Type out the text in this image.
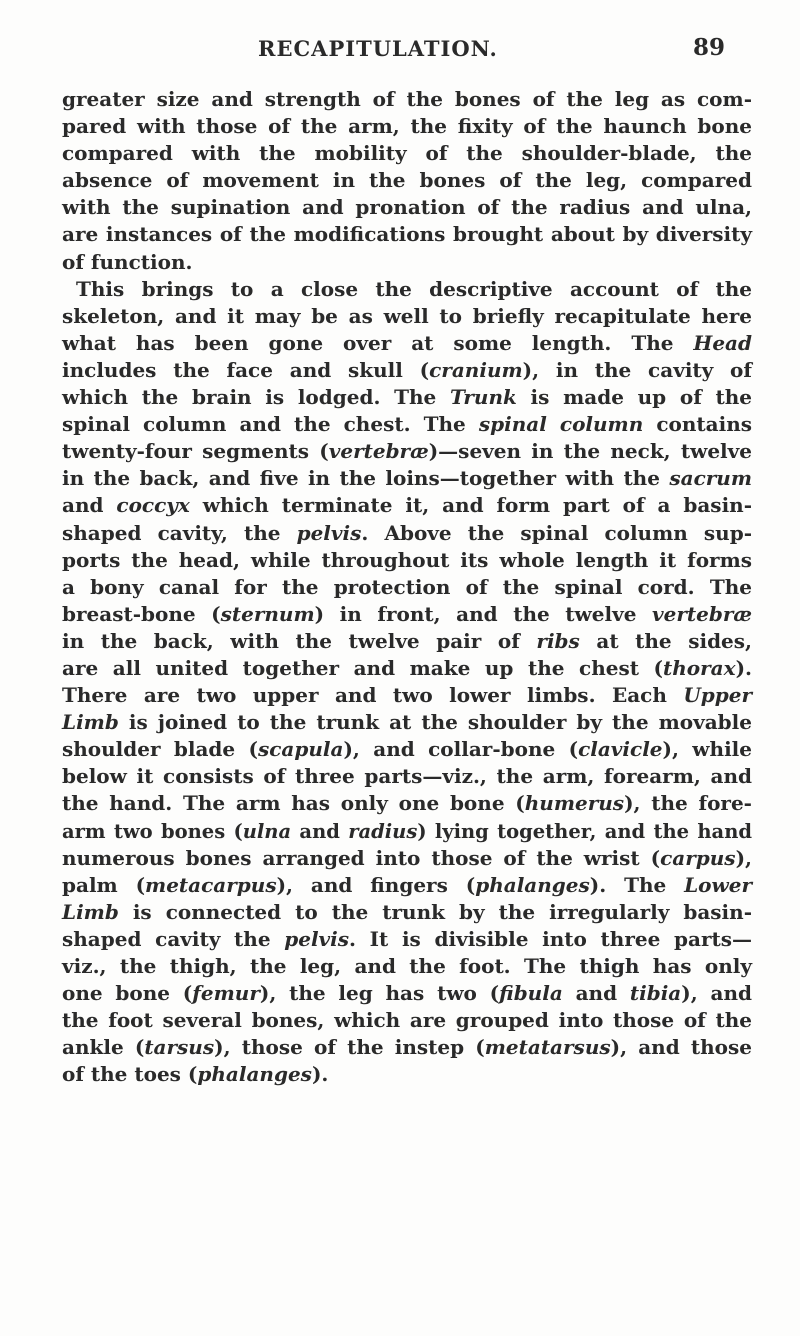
RECAPITULATION.	89
greater size and strength of the bones of the leg as com-
pared with those of the arm, the fixity of the haunch bone
compared with the mobility of the shoulder-blade, the
absence of movement in the bones of the leg, compared
with the supination and pronation of the radius and ulna,
are instances of the modifications brought about by diversity
of function.
This brings to a close the descriptive account of the
skeleton, and it may be as well to briefly recapitulate here
what has been gone over at some length. The Head
includes the face and skull (cranium), in the cavity of
which the brain is lodged. The Trunk is made up of the
spinal column and the chest. The spinal column contains
twenty-four segments (vertebræ)—seven in the neck, twelve
in the back, and five in the loins—together with the sacrum
and coccyx which terminate it, and form part of a basin-
shaped cavity, the pelvis. Above the spinal column sup-
ports the head, while throughout its whole length it forms
a bony canal for the protection of the spinal cord. The
breast-bone (sternum) in front, and the twelve vertebræ
in the back, with the twelve pair of ribs at the sides,
are all united together and make up the chest (thorax).
There are two upper and two lower limbs. Each Upper
Limb is joined to the trunk at the shoulder by the movable
shoulder blade (scapula), and collar-bone (clavicle), while
below it consists of three parts—viz., the arm, forearm, and
the hand. The arm has only one bone (humerus), the fore-
arm two bones (ulna and radius) lying together, and the hand
numerous bones arranged into those of the wrist (carpus),
palm (metacarpus), and fingers (phalanges). The Lower
Limb is connected to the trunk by the irregularly basin-
shaped cavity the pelvis. It is divisible into three parts—
viz., the thigh, the leg, and the foot. The thigh has only
one bone (femur), the leg has two (fibula and tibia), and
the foot several bones, which are grouped into those of the
ankle (tarsus), those of the instep (metatarsus), and those
of the toes (phalanges).
